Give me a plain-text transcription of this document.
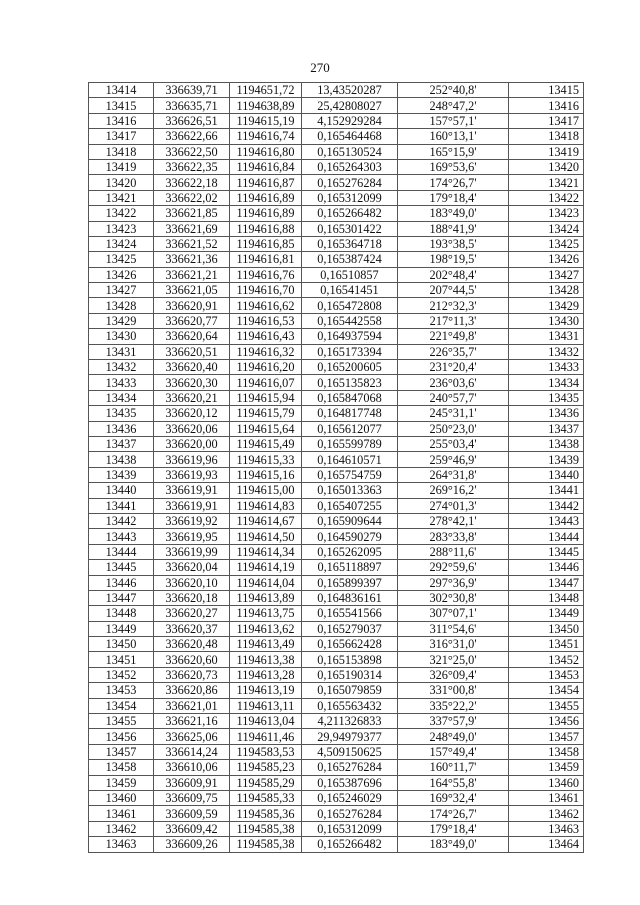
270
13414	336639,71	1194651,72	13,43520287	252°40,8'	13415
13415	336635,71	1194638,89	25,42808027	248°47,2'	13416
13416	336626,51	1194615,19	4,152929284	157°57,1'	13417
13417	336622,66	1194616,74	0,165464468	160°13,1'	13418
13418	336622,50	1194616,80	0,165130524	165°15,9'	13419
13419	336622,35	1194616,84	0,165264303	169°53,6'	13420
13420	336622,18	1194616,87	0,165276284	174°26,7'	13421
13421	336622,02	1194616,89	0,165312099	179°18,4'	13422
13422	336621,85	1194616,89	0,165266482	183°49,0'	13423
13423	336621,69	1194616,88	0,165301422	188°41,9'	13424
13424	336621,52	1194616,85	0,165364718	193°38,5'	13425
13425	336621,36	1194616,81	0,165387424	198°19,5'	13426
13426	336621,21	1194616,76	0,16510857	202°48,4'	13427
13427	336621,05	1194616,70	0,16541451	207°44,5'	13428
13428	336620,91	1194616,62	0,165472808	212°32,3'	13429
13429	336620,77	1194616,53	0,165442558	217°11,3'	13430
13430	336620,64	1194616,43	0,164937594	221°49,8'	13431
13431	336620,51	1194616,32	0,165173394	226°35,7'	13432
13432	336620,40	1194616,20	0,165200605	231°20,4'	13433
13433	336620,30	1194616,07	0,165135823	236°03,6'	13434
13434	336620,21	1194615,94	0,165847068	240°57,7'	13435
13435	336620,12	1194615,79	0,164817748	245°31,1'	13436
13436	336620,06	1194615,64	0,165612077	250°23,0'	13437
13437	336620,00	1194615,49	0,165599789	255°03,4'	13438
13438	336619,96	1194615,33	0,164610571	259°46,9'	13439
13439	336619,93	1194615,16	0,165754759	264°31,8'	13440
13440	336619,91	1194615,00	0,165013363	269°16,2'	13441
13441	336619,91	1194614,83	0,165407255	274°01,3'	13442
13442	336619,92	1194614,67	0,165909644	278°42,1'	13443
13443	336619,95	1194614,50	0,164590279	283°33,8'	13444
13444	336619,99	1194614,34	0,165262095	288°11,6'	13445
13445	336620,04	1194614,19	0,165118897	292°59,6'	13446
13446	336620,10	1194614,04	0,165899397	297°36,9'	13447
13447	336620,18	1194613,89	0,164836161	302°30,8'	13448
13448	336620,27	1194613,75	0,165541566	307°07,1'	13449
13449	336620,37	1194613,62	0,165279037	311°54,6'	13450
13450	336620,48	1194613,49	0,165662428	316°31,0'	13451
13451	336620,60	1194613,38	0,165153898	321°25,0'	13452
13452	336620,73	1194613,28	0,165190314	326°09,4'	13453
13453	336620,86	1194613,19	0,165079859	331°00,8'	13454
13454	336621,01	1194613,11	0,165563432	335°22,2'	13455
13455	336621,16	1194613,04	4,211326833	337°57,9'	13456
13456	336625,06	1194611,46	29,94979377	248°49,0'	13457
13457	336614,24	1194583,53	4,509150625	157°49,4'	13458
13458	336610,06	1194585,23	0,165276284	160°11,7'	13459
13459	336609,91	1194585,29	0,165387696	164°55,8'	13460
13460	336609,75	1194585,33	0,165246029	169°32,4'	13461
13461	336609,59	1194585,36	0,165276284	174°26,7'	13462
13462	336609,42	1194585,38	0,165312099	179°18,4'	13463
13463	336609,26	1194585,38	0,165266482	183°49,0'	13464
